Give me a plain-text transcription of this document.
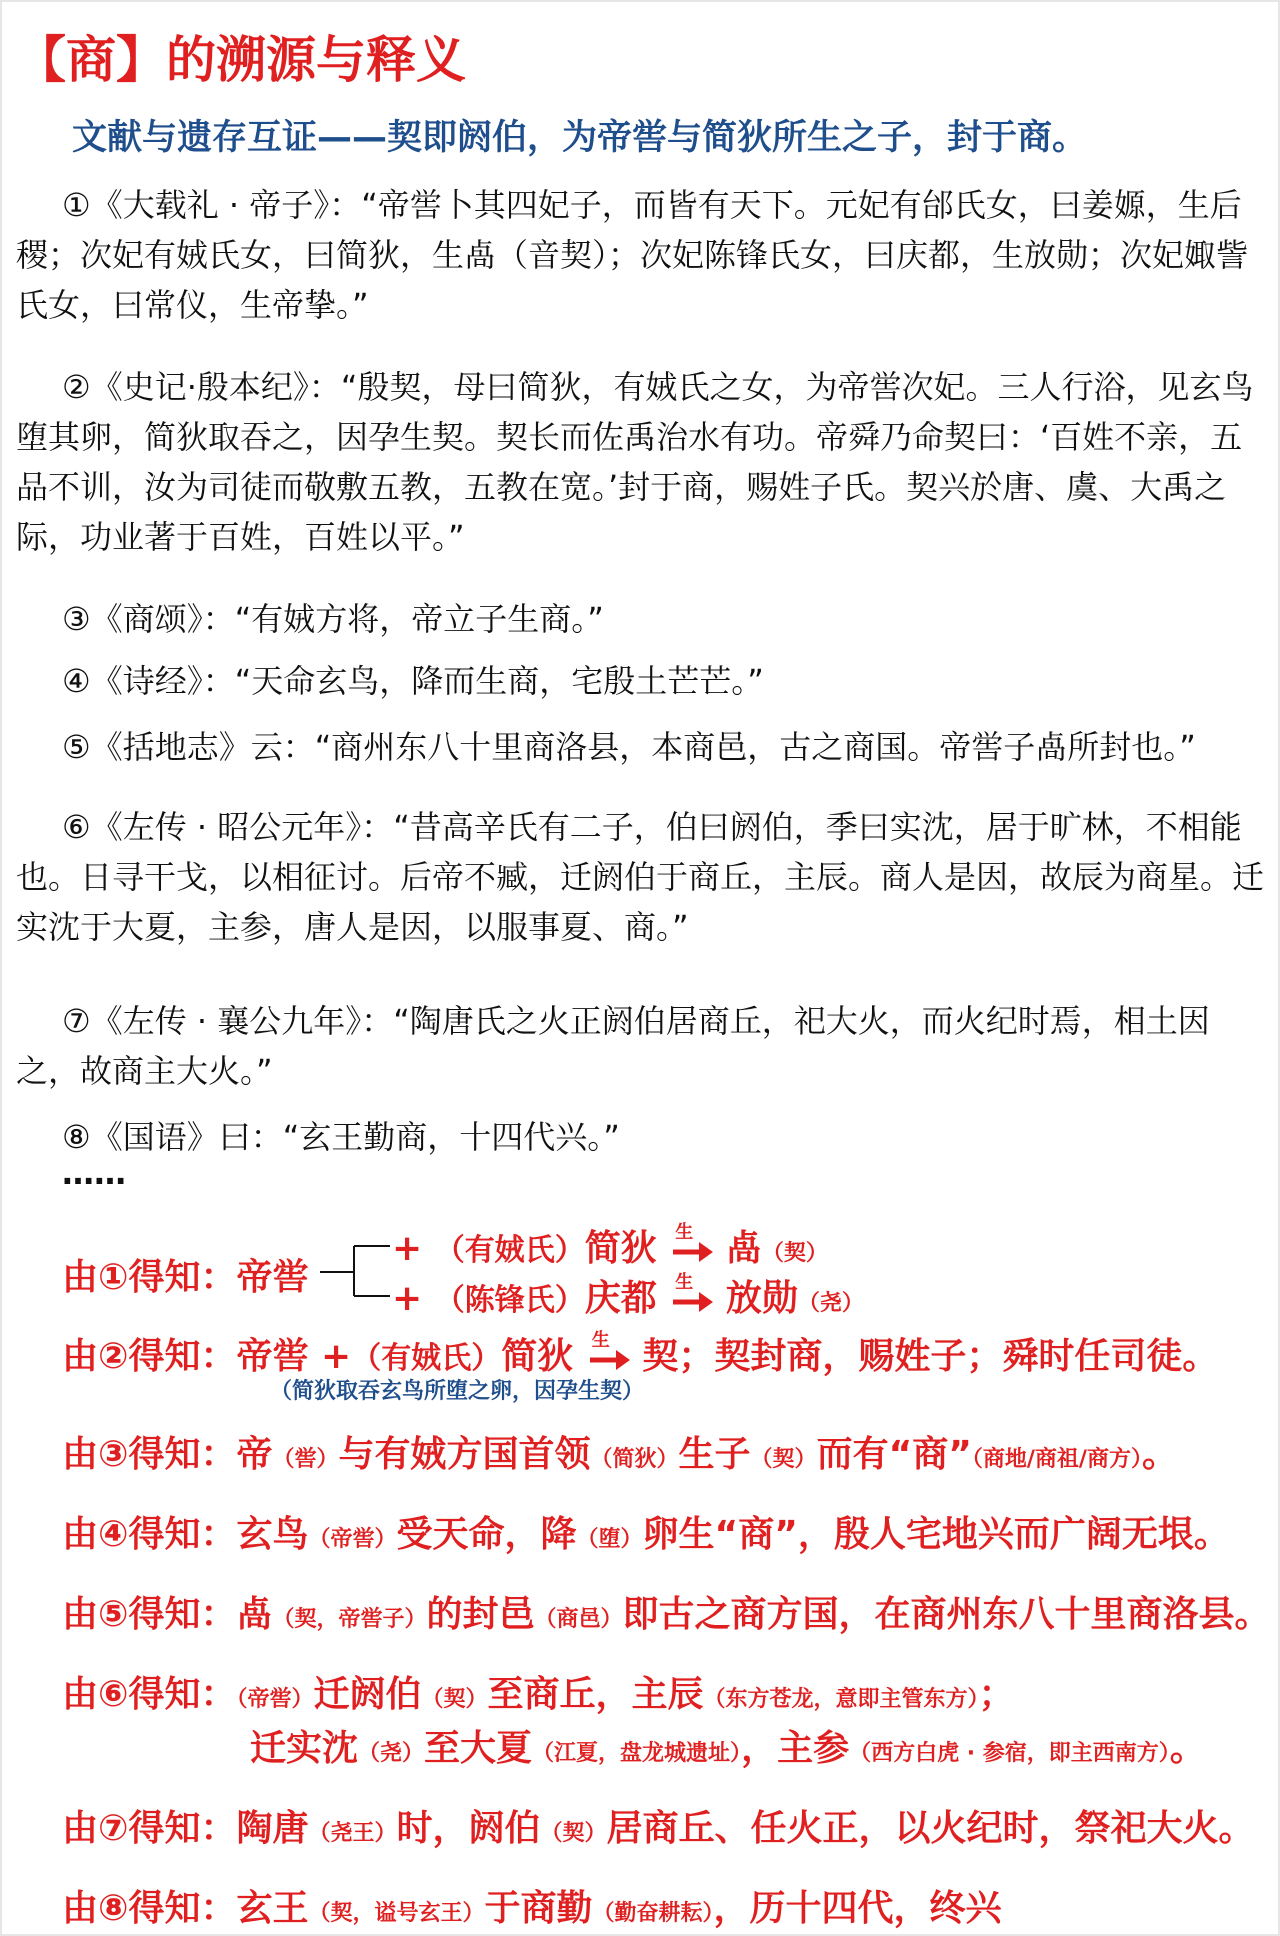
【商】的溯源与释义
文献与遗存互证——契即阏伯，为帝喾与简狄所生之子，封于商。

①《大载礼 · 帝子》：“帝喾卜其四妃子，而皆有天下。元妃有邰氏女，曰姜嫄，生后稷；次妃有娀氏女，曰简狄，生卨（音契）；次妃陈锋氏女，曰庆都，生放勋；次妃娵訾氏女，曰常仪，生帝挚。”

②《史记·殷本纪》：“殷契，母曰简狄，有娀氏之女，为帝喾次妃。三人行浴，见玄鸟堕其卵，简狄取吞之，因孕生契。契长而佐禹治水有功。帝舜乃命契曰：‘百姓不亲，五品不训，汝为司徒而敬敷五教，五教在宽。’封于商，赐姓子氏。契兴於唐、虞、大禹之际，功业著于百姓，百姓以平。”

③《商颂》：“有娀方将，帝立子生商。”

④《诗经》：“天命玄鸟，降而生商，宅殷土芒芒。”

⑤《括地志》云：“商州东八十里商洛县，本商邑，古之商国。帝喾子卨所封也。”

⑥《左传 · 昭公元年》：“昔高辛氏有二子，伯曰阏伯，季曰实沈，居于旷林，不相能也。日寻干戈，以相征讨。后帝不臧，迁阏伯于商丘，主辰。商人是因，故辰为商星。迁实沈于大夏，主参，唐人是因，以服事夏、商。”

⑦《左传 · 襄公九年》：“陶唐氏之火正阏伯居商丘，祀大火，而火纪时焉，相土因之，故商主大火。”

⑧《国语》曰：“玄王勤商，十四代兴。”

……
由①得知：帝喾
+ （有娀氏）简狄 生 卨（契）
+ （陈锋氏）庆都 生 放勋（尧）
由②得知：帝喾 +（有娀氏）简狄 生 契；契封商，赐姓子；舜时任司徒。
（简狄取吞玄鸟所堕之卵，因孕生契）
由③得知：帝（喾）与有娀方国首领（简狄）生子（契）而有“商”（商地/商祖/商方）。
由④得知：玄鸟（帝喾）受天命，降（堕）卵生“商”，殷人宅地兴而广阔无垠。
由⑤得知：卨（契，帝喾子）的封邑（商邑）即古之商方国，在商州东八十里商洛县。
由⑥得知：（帝喾）迁阏伯（契）至商丘，主辰（东方苍龙，意即主管东方）；
迁实沈（尧）至大夏（江夏，盘龙城遗址），主参（西方白虎 · 参宿，即主西南方）。
由⑦得知：陶唐（尧王）时，阏伯（契）居商丘、任火正，以火纪时，祭祀大火。
由⑧得知：玄王（契，谥号玄王）于商勤（勤奋耕耘），历十四代，终兴
